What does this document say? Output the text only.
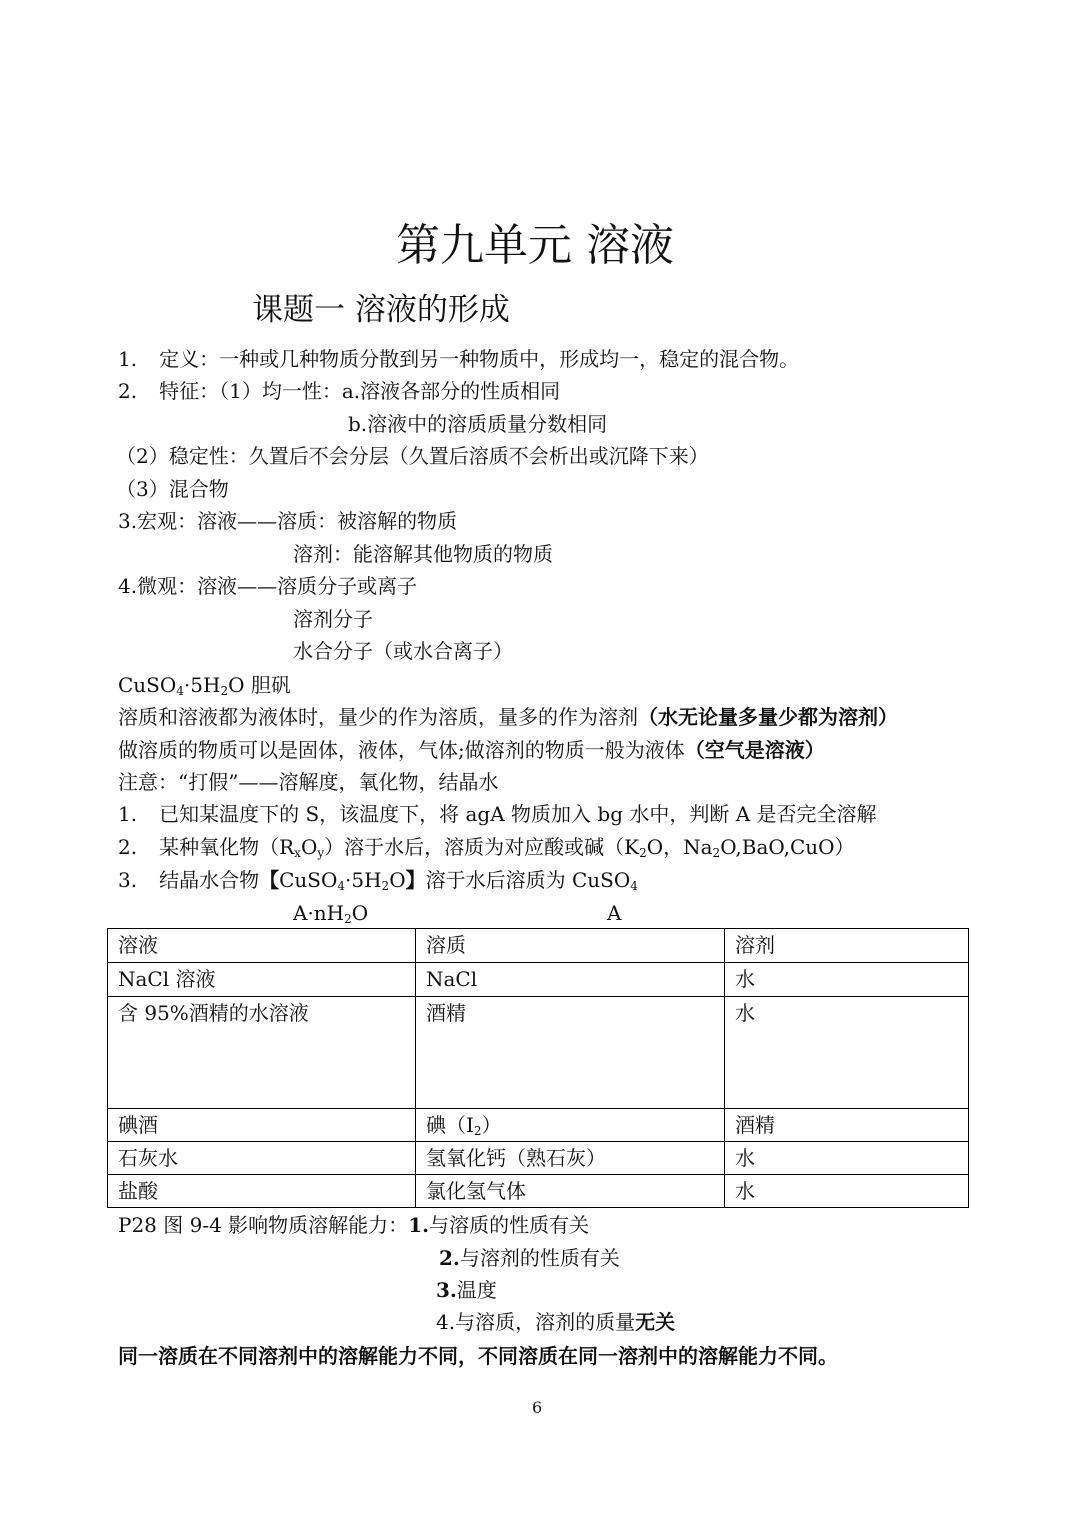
第九单元 溶液
课题一 溶液的形成
1. 定义：一种或几种物质分散到另一种物质中，形成均一，稳定的混合物。
2. 特征：（1）均一性：a.溶液各部分的性质相同
b.溶液中的溶质质量分数相同
（2）稳定性：久置后不会分层（久置后溶质不会析出或沉降下来）
（3）混合物
3.宏观：溶液——溶质：被溶解的物质
溶剂：能溶解其他物质的物质
4.微观：溶液——溶质分子或离子
溶剂分子
水合分子（或水合离子）
$CuSO_4\cdot 5H_2O$ 胆矾
溶质和溶液都为液体时，量少的作为溶质，量多的作为溶剂（水无论量多量少都为溶剂）
做溶质的物质可以是固体，液体，气体;做溶剂的物质一般为液体（空气是溶液）
注意：“打假”——溶解度，氧化物，结晶水
1. 已知某温度下的 S，该温度下，将 agA 物质加入 bg 水中，判断 A 是否完全溶解
2. 某种氧化物$(R_xO_y)$溶于水后，溶质为对应酸或碱（$K_2O$，$Na_2O,BaO,CuO$）
3. 结晶水合物【$CuSO_4\cdot 5H_2O$】溶于水后溶质为 CuSO$_4$
$A\cdot nH_2O$	A
溶液	溶质	溶剂
NaCl 溶液	NaCl	水
含 95%酒精的水溶液	酒精	水
碘酒	碘$(I_2)$	酒精
石灰水	氢氧化钙（熟石灰）	水
盐酸	氯化氢气体	水
P28 图 9-4 影响物质溶解能力：1.与溶质的性质有关
2.与溶剂的性质有关
3.温度
4.与溶质，溶剂的质量无关
同一溶质在不同溶剂中的溶解能力不同，不同溶质在同一溶剂中的溶解能力不同。
6
